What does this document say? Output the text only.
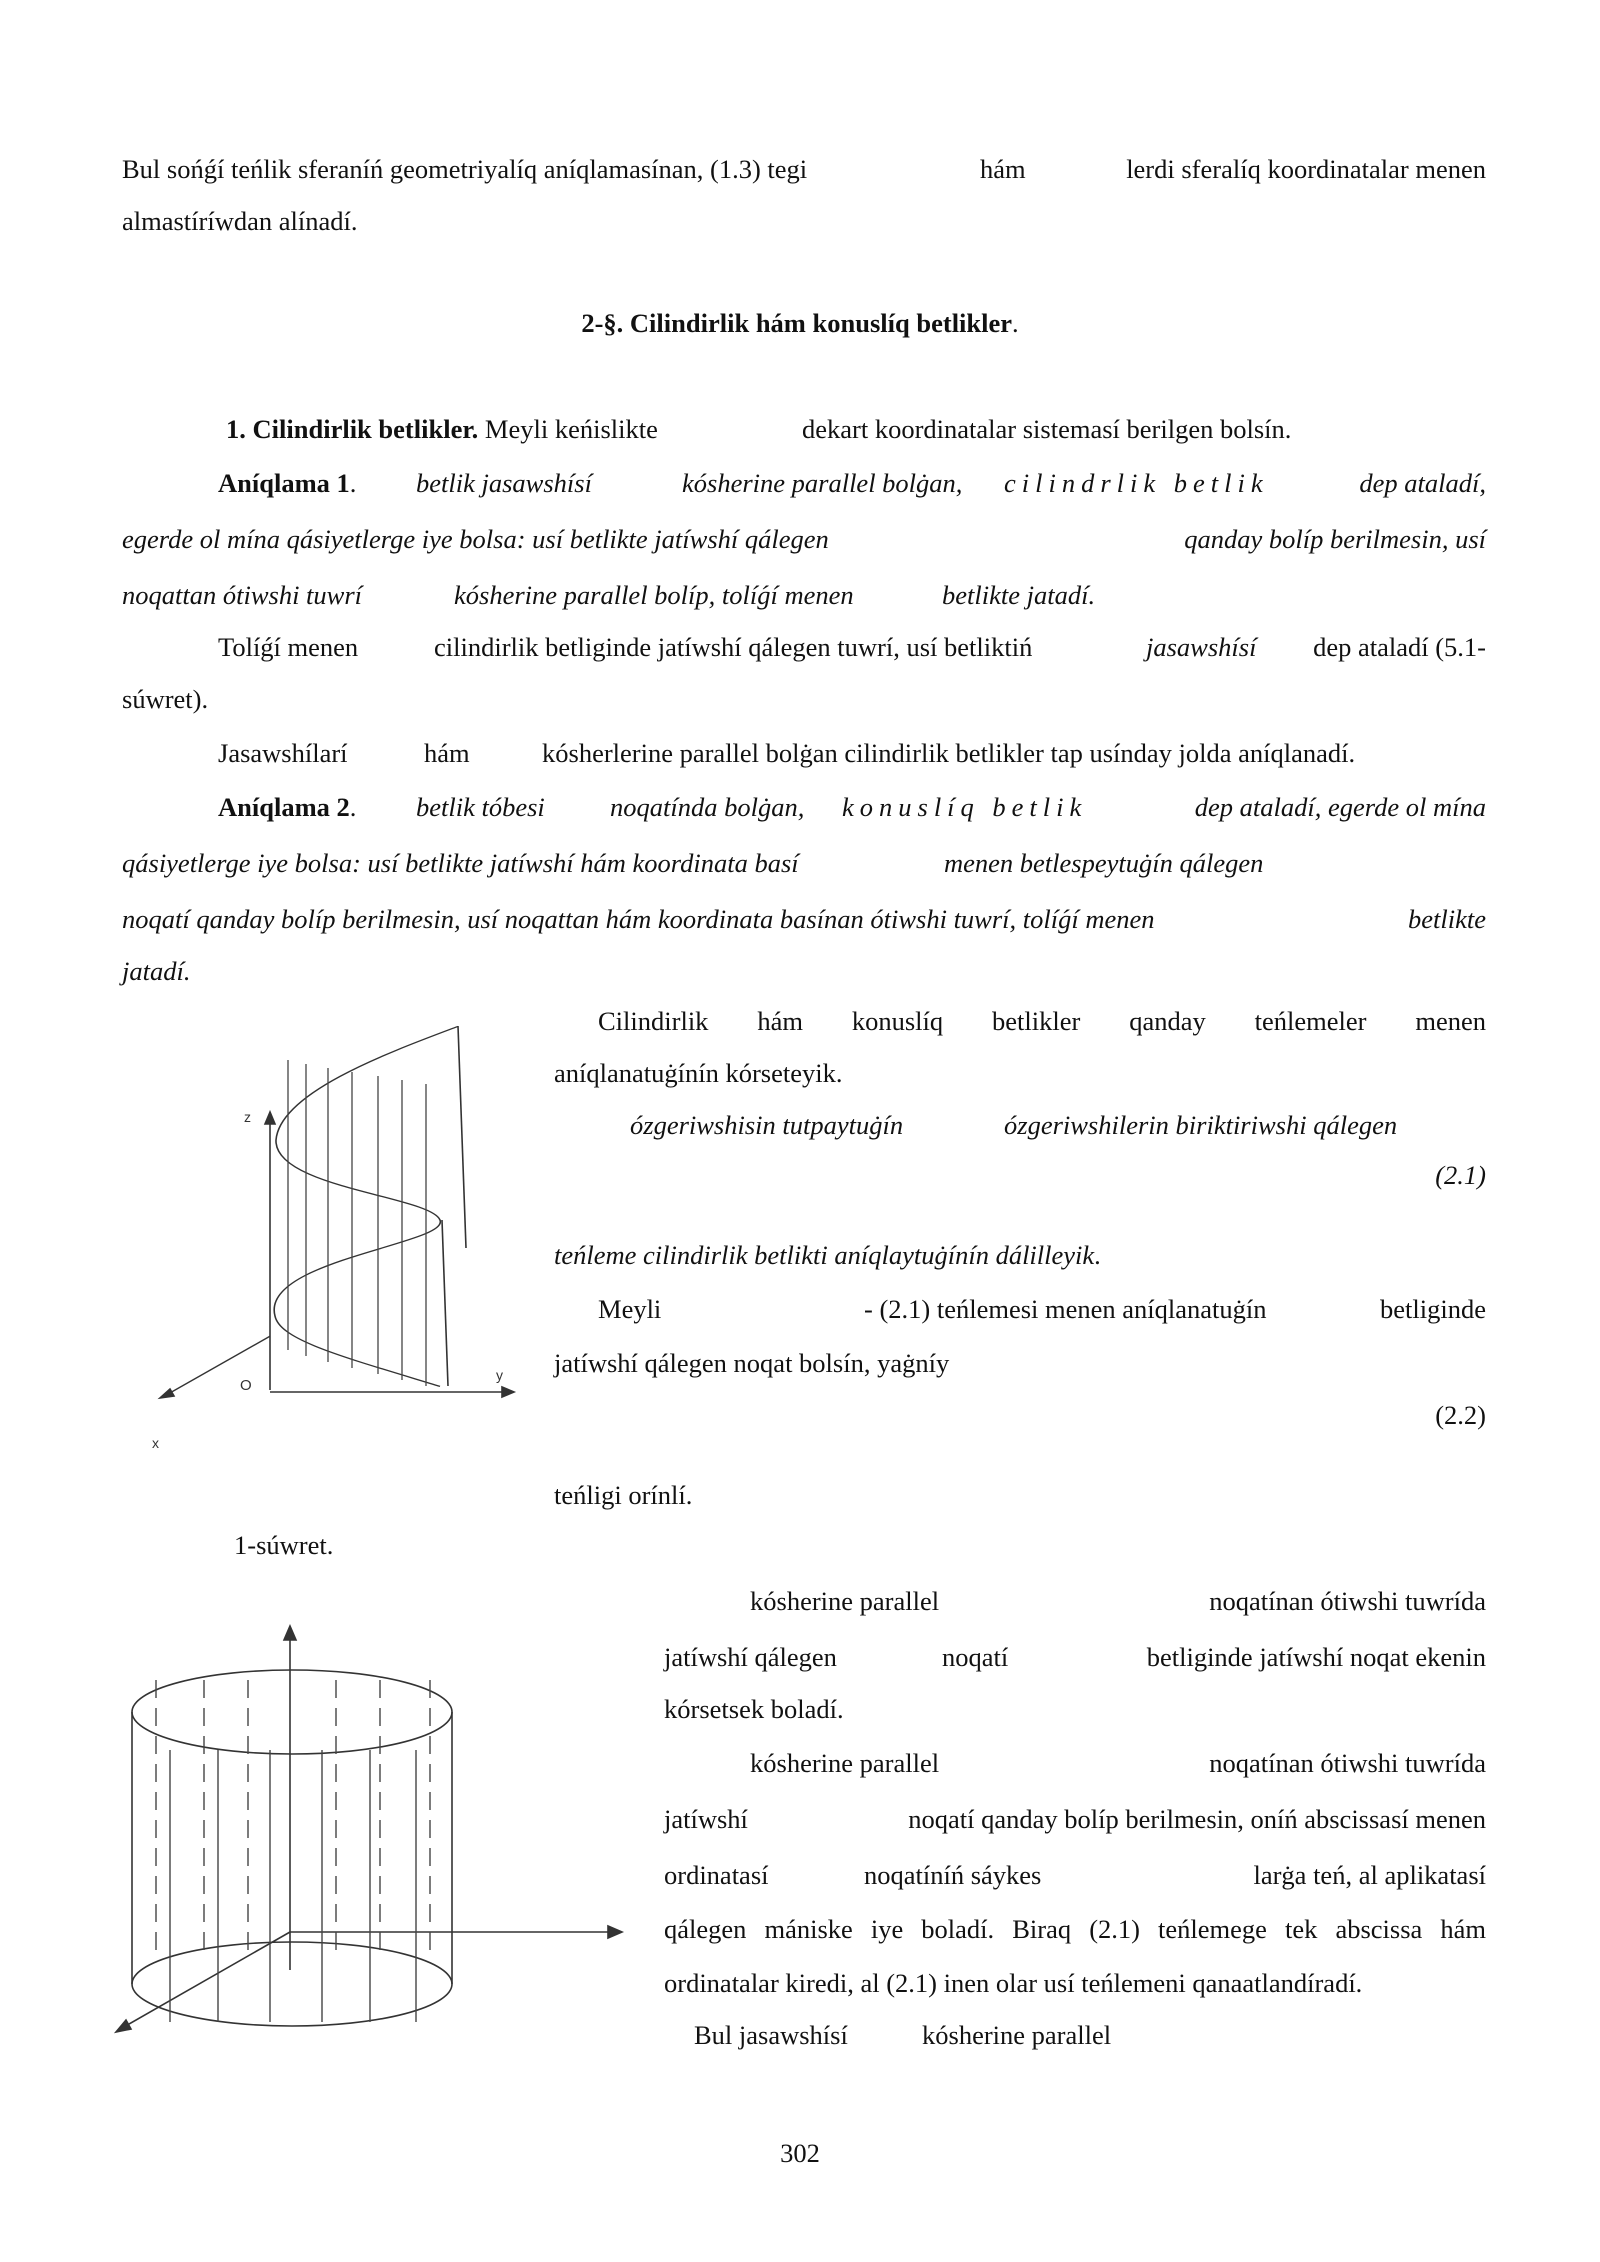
Bul sońǵí teńlik sferaníń geometriyalíq aníqlamasínan, (1.3) tegi	hám	lerdi sferalíq koordinatalar menen
almastíríwdan alínadí.
2-§. Cilindirlik hám konuslíq betlikler.
1. Cilindirlik betlikler. Meyli keńislikte	dekart koordinatalar sistemasí berilgen bolsín.
Aníqlama 1. betlik jasawshísí	kósherine parallel bolġan, cilindrlik betlik	dep ataladí,
egerde ol mína qásiyetlerge iye bolsa: usí betlikte jatíwshí qálegen	qanday bolíp berilmesin, usí
noqattan ótiwshi tuwrí	kósherine parallel bolíp, tolíǵí menen	betlikte jatadí.
Tolíǵí menen	cilindirlik betliginde jatíwshí qálegen tuwrí, usí betliktiń	jasawshísí dep ataladí (5.1-
súwret).
Jasawshílarí	hám	kósherlerine parallel bolġan cilindirlik betlikler tap usínday jolda aníqlanadí.
Aníqlama 2. betlik tóbesi noqatínda bolġan, konuslíq betlik	dep ataladí, egerde ol mína
qásiyetlerge iye bolsa: usí betlikte jatíwshí hám koordinata basí	menen betlespeytuġín qálegen
noqatí qanday bolíp berilmesin, usí noqattan hám koordinata basínan ótiwshi tuwrí, tolíǵí menen	betlikte
jatadí.
z
y
x
O
1-súwret.
Cilindirlik hám konuslíq betlikler qanday teńlemeler menen
aníqlanatuġínín kórseteyik.
ózgeriwshisin tutpaytuġín	ózgeriwshilerin biriktiriwshi qálegen
(2.1)
teńleme cilindirlik betlikti aníqlaytuġínín dálilleyik.
Meyli	- (2.1) teńlemesi menen aníqlanatuġín	betliginde
jatíwshí qálegen noqat bolsín, yaġníy
(2.2)
teńligi orínlí.
kósherine parallel	noqatínan ótiwshi tuwrída
jatíwshí qálegen	noqatí	betliginde jatíwshí noqat ekenin
kórsetsek boladí.
kósherine parallel	noqatínan ótiwshi tuwrída
jatíwshí	noqatí qanday bolíp berilmesin, oníń abscissasí menen
ordinatasí	noqatíníń sáykes	larġa teń, al aplikatasí
qálegen mániske iye boladí. Biraq (2.1) teńlemege tek abscissa hám
ordinatalar kiredi, al (2.1) inen olar usí teńlemeni qanaatlandíradí.
Bul jasawshísí	kósherine parallel
302
